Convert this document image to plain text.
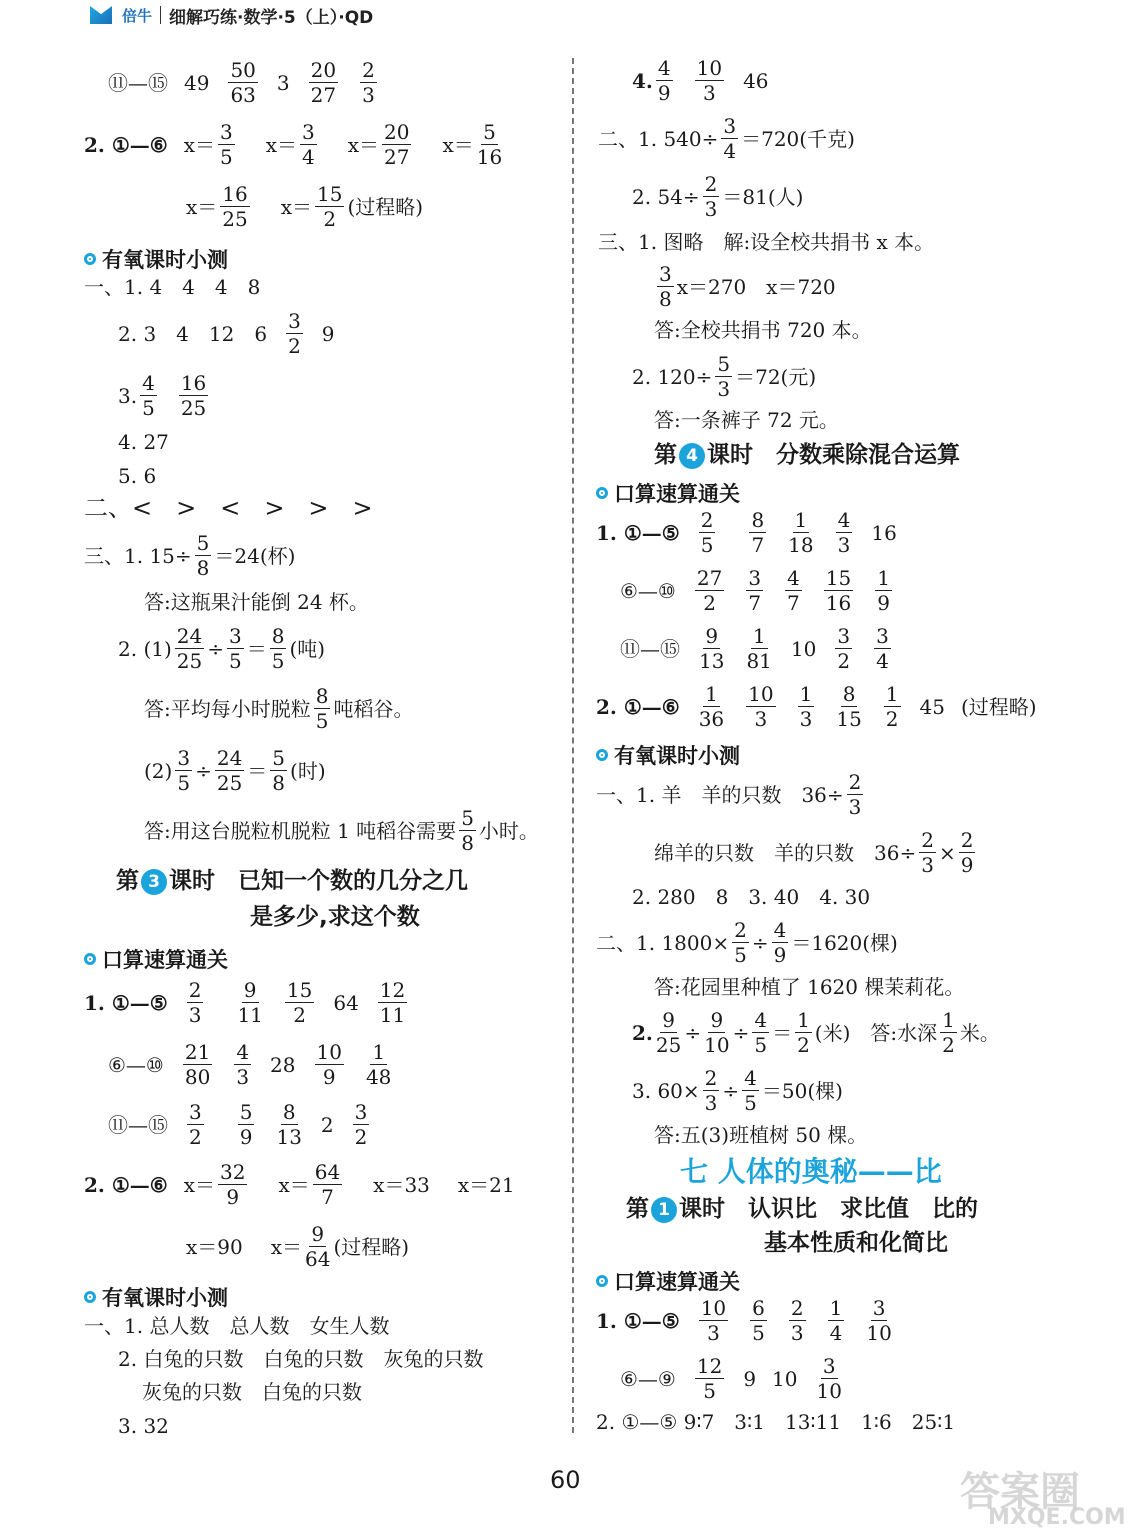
倍牛 细解巧练·数学·5（上）·QD
⑪—⑮ $49 \frac{50}{63} 3 \frac{20}{27} \frac{2}{3}$
2. ①—⑥ $x= \frac{3}{5} x= \frac{3}{4} x= \frac{20}{27} x= \frac{5}{16}$
$x= \frac{16}{25} x= \frac{15}{2}$ (过程略)
有氧课时小测
一、1. 4　4　4　8
2. 3　4　12　$6 \frac{3}{2} 9$
3. $\frac{4}{5} \frac{16}{25}$
4. 27
5. 6
二、<　>　<　>　>　>
三、1. $15\div \frac{5}{8} =24$(杯)
答:这瓶果汁能倒 24 杯。
2. $(1) \frac{24}{25} \div \frac{3}{5} = \frac{8}{5}$ (吨)
答:平均每小时脱粒 $\frac{8}{5}$ 吨稻谷。
$(2) \frac{3}{5} \div \frac{24}{25} = \frac{5}{8}$ (时)
答:用这台脱粒机脱粒 1 吨稻谷需要 $\frac{5}{8}$ 小时。
第 3 课时　已知一个数的几分之几
是多少,求这个数
口算速算通关
1. ①—⑤ $\frac{2}{3} \frac{9}{11} \frac{15}{2} 64 \frac{12}{11}$
⑥—⑩ $\frac{21}{80} \frac{4}{3} 28 \frac{10}{9} \frac{1}{48}$
⑪—⑮ $\frac{3}{2} \frac{5}{9} \frac{8}{13} 2 \frac{3}{2}$
2. ①—⑥ $x= \frac{32}{9} x= \frac{64}{7} x=33$ x＝21
x＝90 $x= \frac{9}{64}$ (过程略)
有氧课时小测
一、1. 总人数　总人数　女生人数
2. 白兔的只数　白兔的只数　灰兔的只数
灰兔的只数　白兔的只数
3. 32
4. $\frac{4}{9} \frac{10}{3} 46$
二、1. $540\div \frac{3}{4} =720$(千克)
2. $54\div \frac{2}{3} =81$(人)
三、1. 图略　解:设全校共捐书 x 本。
$\frac{3}{8} x=270$　x＝720
答:全校共捐书 720 本。
2. $120\div \frac{5}{3} =72$(元)
答:一条裤子 72 元。
第 4 课时　分数乘除混合运算
口算速算通关
1. ①—⑤ $\frac{2}{5} \frac{8}{7} \frac{1}{18} \frac{4}{3} 16$
⑥—⑩ $\frac{27}{2} \frac{3}{7} \frac{4}{7} \frac{15}{16} \frac{1}{9}$
⑪—⑮ $\frac{9}{13} \frac{1}{81} 10 \frac{3}{2} \frac{3}{4}$
2. ①—⑥ $\frac{1}{36} \frac{10}{3} \frac{1}{3} \frac{8}{15} \frac{1}{2} 45$ (过程略)
有氧课时小测
一、1. 羊　羊的只数　$36\div \frac{2}{3}$
绵羊的只数　羊的只数　$36\div \frac{2}{3} \times \frac{2}{9}$
2. 280　8　3. 40　4. 30
二、1. $1800\times \frac{2}{5} \div \frac{4}{9} =1620$(棵)
答:花园里种植了 1620 棵茉莉花。
2. $\frac{9}{25} \div \frac{9}{10} \div \frac{4}{5} = \frac{1}{2}$ (米)　答:水深 $\frac{1}{2}$ 米。
3. $60\times \frac{2}{3} \div \frac{4}{5} =50$(棵)
答:五(3)班植树 50 棵。
七 人体的奥秘——比
第 1 课时　认识比　求比值　比的
基本性质和化简比
口算速算通关
1. ①—⑤ $\frac{10}{3} \frac{6}{5} \frac{2}{3} \frac{1}{4} \frac{3}{10}$
⑥—⑨ $\frac{12}{5} 9$ $10 \frac{3}{10}$
2. ①—⑤ 9∶7　3∶1　13∶11　1∶6　25∶1
60	答案圈
MXQE.COM
